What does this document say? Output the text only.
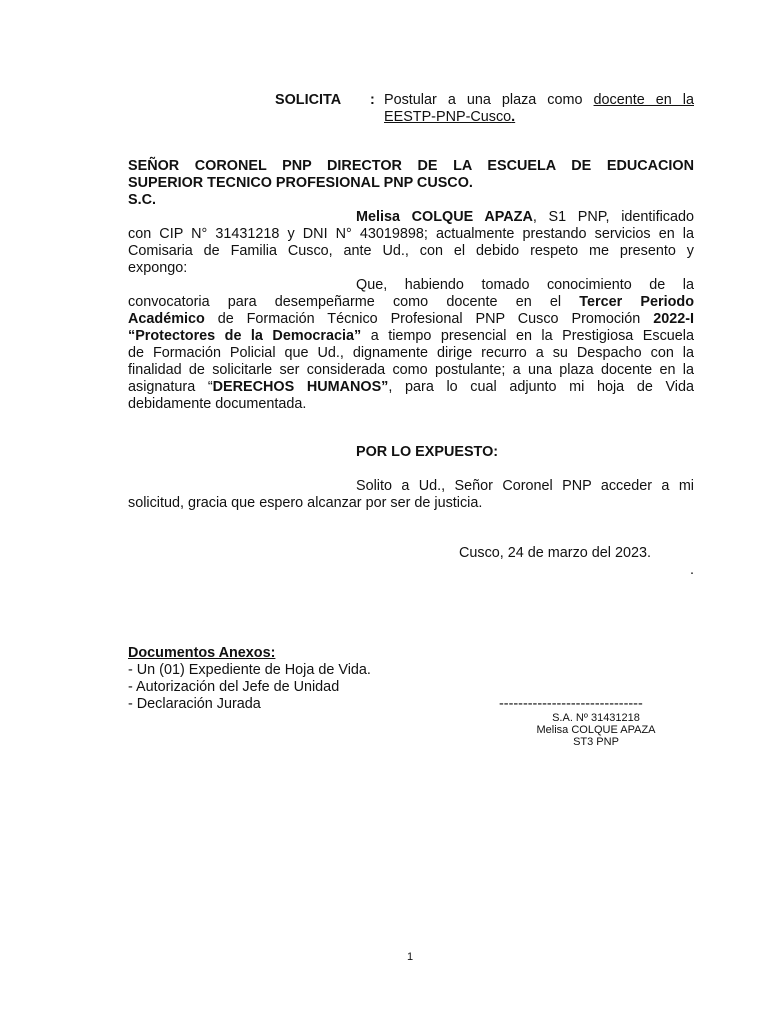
SOLICITA : Postular a una plaza como docente en la
EESTP-PNP-Cusco.
SEÑOR CORONEL PNP DIRECTOR DE LA ESCUELA DE EDUCACION
SUPERIOR TECNICO PROFESIONAL PNP CUSCO.
S.C.
Melisa COLQUE APAZA, S1 PNP, identificado
con CIP N° 31431218 y DNI N° 43019898; actualmente prestando servicios en la
Comisaria de Familia Cusco, ante Ud., con el debido respeto me presento y
expongo:
Que, habiendo tomado conocimiento de la
convocatoria para desempeñarme como docente en el Tercer Periodo
Académico de Formación Técnico Profesional PNP Cusco Promoción 2022-I
“Protectores de la Democracia” a tiempo presencial en la Prestigiosa Escuela
de Formación Policial que Ud., dignamente dirige recurro a su Despacho con la
finalidad de solicitarle ser considerada como postulante; a una plaza docente en la
asignatura “DERECHOS HUMANOS”, para lo cual adjunto mi hoja de Vida
debidamente documentada.
POR LO EXPUESTO:
Solito a Ud., Señor Coronel PNP acceder a mi
solicitud, gracia que espero alcanzar por ser de justicia.
Cusco, 24 de marzo del 2023.
.
Documentos Anexos:
- Un (01) Expediente de Hoja de Vida.
- Autorización del Jefe de Unidad
- Declaración Jurada	------------------------------
S.A. Nº 31431218
Melisa COLQUE APAZA
ST3 PNP
1
